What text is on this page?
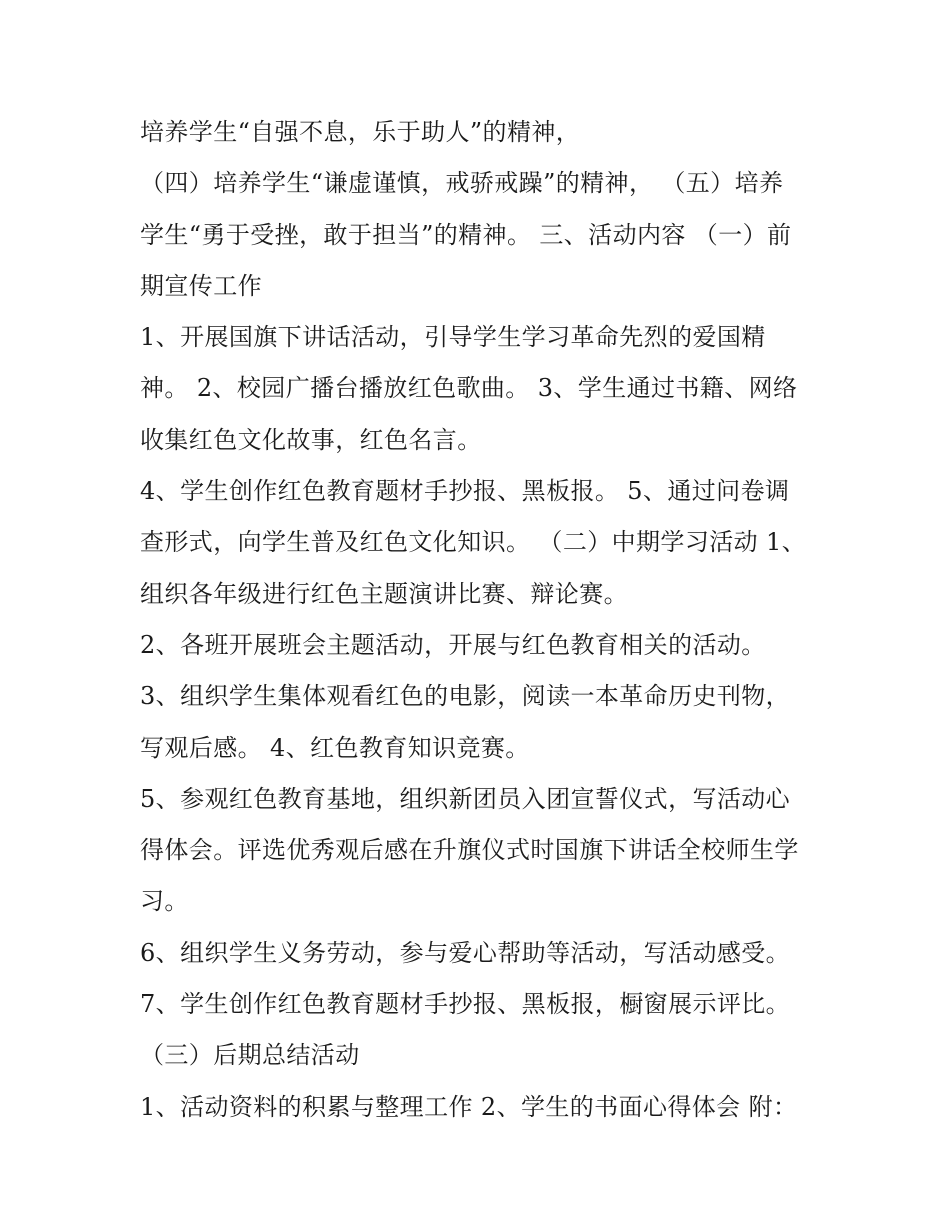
培养学生“自强不息，乐于助人”的精神，
（四）培养学生“谦虚谨慎，戒骄戒躁”的精神， （五）培养
学生“勇于受挫，敢于担当”的精神。 三、活动内容 （一）前
期宣传工作
1、开展国旗下讲话活动，引导学生学习革命先烈的爱国精
神。 2、校园广播台播放红色歌曲。 3、学生通过书籍、网络
收集红色文化故事，红色名言。
4、学生创作红色教育题材手抄报、黑板报。 5、通过问卷调
查形式，向学生普及红色文化知识。 （二）中期学习活动 1、
组织各年级进行红色主题演讲比赛、辩论赛。
2、各班开展班会主题活动，开展与红色教育相关的活动。
3、组织学生集体观看红色的电影，阅读一本革命历史刊物，
写观后感。 4、红色教育知识竞赛。
5、参观红色教育基地，组织新团员入团宣誓仪式，写活动心
得体会。评选优秀观后感在升旗仪式时国旗下讲话全校师生学
习。
6、组织学生义务劳动，参与爱心帮助等活动，写活动感受。
7、学生创作红色教育题材手抄报、黑板报，橱窗展示评比。
（三）后期总结活动
1、活动资料的积累与整理工作 2、学生的书面心得体会 附：
